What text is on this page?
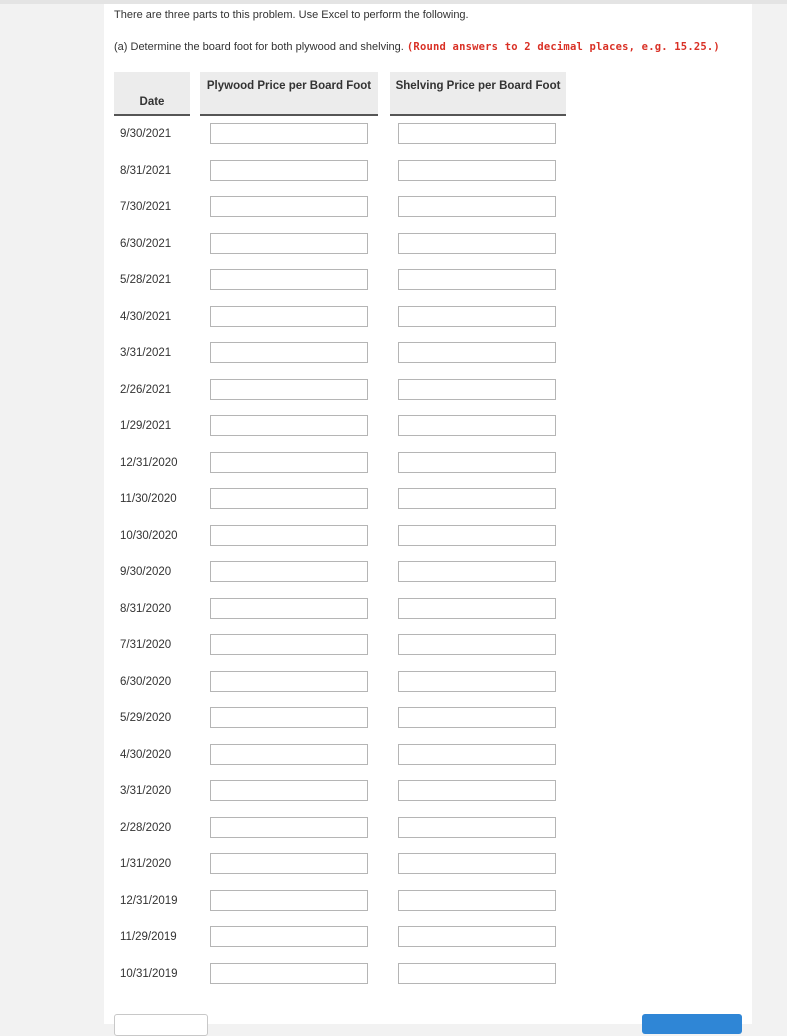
There are three parts to this problem. Use Excel to perform the following.
(a) Determine the board foot for both plywood and shelving. (Round answers to 2 decimal places, e.g. 15.25.)
Date
Plywood Price per Board Foot	Shelving Price per Board Foot
9/30/2021
8/31/2021
7/30/2021
6/30/2021
5/28/2021
4/30/2021
3/31/2021
2/26/2021
1/29/2021
12/31/2020
11/30/2020
10/30/2020
9/30/2020
8/31/2020
7/31/2020
6/30/2020
5/29/2020
4/30/2020
3/31/2020
2/28/2020
1/31/2020
12/31/2019
11/29/2019
10/31/2019
